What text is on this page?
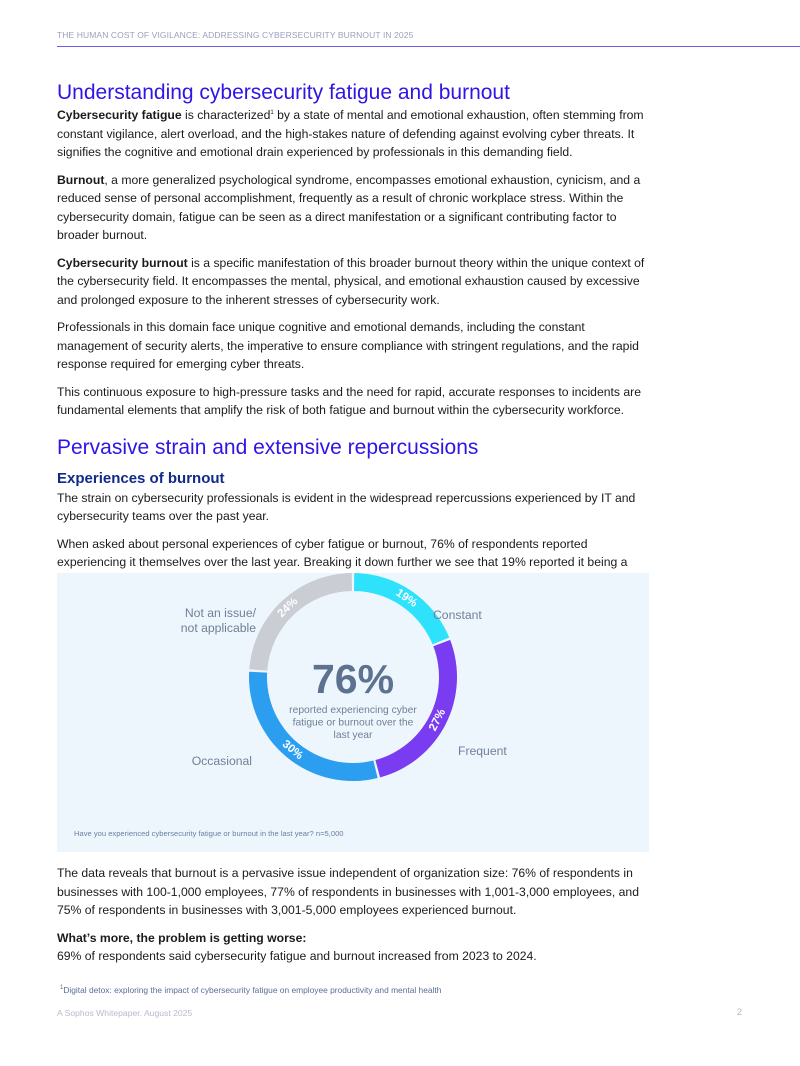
THE HUMAN COST OF VIGILANCE: ADDRESSING CYBERSECURITY BURNOUT IN 2025
Understanding cybersecurity fatigue and burnout

Cybersecurity fatigue is characterized$^1$ by a state of mental and emotional exhaustion, often stemming from constant vigilance, alert overload, and the high-stakes nature of defending against evolving cyber threats. It signifies the cognitive and emotional drain experienced by professionals in this demanding field.

Burnout, a more generalized psychological syndrome, encompasses emotional exhaustion, cynicism, and a reduced sense of personal accomplishment, frequently as a result of chronic workplace stress. Within the cybersecurity domain, fatigue can be seen as a direct manifestation or a significant contributing factor to broader burnout.

Cybersecurity burnout is a specific manifestation of this broader burnout theory within the unique context of the cybersecurity field. It encompasses the mental, physical, and emotional exhaustion caused by excessive and prolonged exposure to the inherent stresses of cybersecurity work.

Professionals in this domain face unique cognitive and emotional demands, including the constant management of security alerts, the imperative to ensure compliance with stringent regulations, and the rapid response required for emerging cyber threats.

This continuous exposure to high-pressure tasks and the need for rapid, accurate responses to incidents are fundamental elements that amplify the risk of both fatigue and burnout within the cybersecurity workforce.

Pervasive strain and extensive repercussions
Experiences of burnout

The strain on cybersecurity professionals is evident in the widespread repercussions experienced by IT and cybersecurity teams over the past year.

When asked about personal experiences of cyber fatigue or burnout, 76% of respondents reported experiencing it themselves over the last year. Breaking it down further we see that 19% reported it being a

19%
Constant
27%
Frequent
30%
Occasional
24%
Not an issue/ not applicable
76%
reported experiencing cyber fatigue or burnout over the last year
Have you experienced cybersecurity fatigue or burnout in the last year? n=5,000

The data reveals that burnout is a pervasive issue independent of organization size: 76% of respondents in businesses with 100-1,000 employees, 77% of respondents in businesses with 1,001-3,000 employees, and 75% of respondents in businesses with 3,001-5,000 employees experienced burnout.

What’s more, the problem is getting worse:
69% of respondents said cybersecurity fatigue and burnout increased from 2023 to 2024.

$^1$Digital detox: exploring the impact of cybersecurity fatigue on employee productivity and mental health
A Sophos Whitepaper. August 2025	2
